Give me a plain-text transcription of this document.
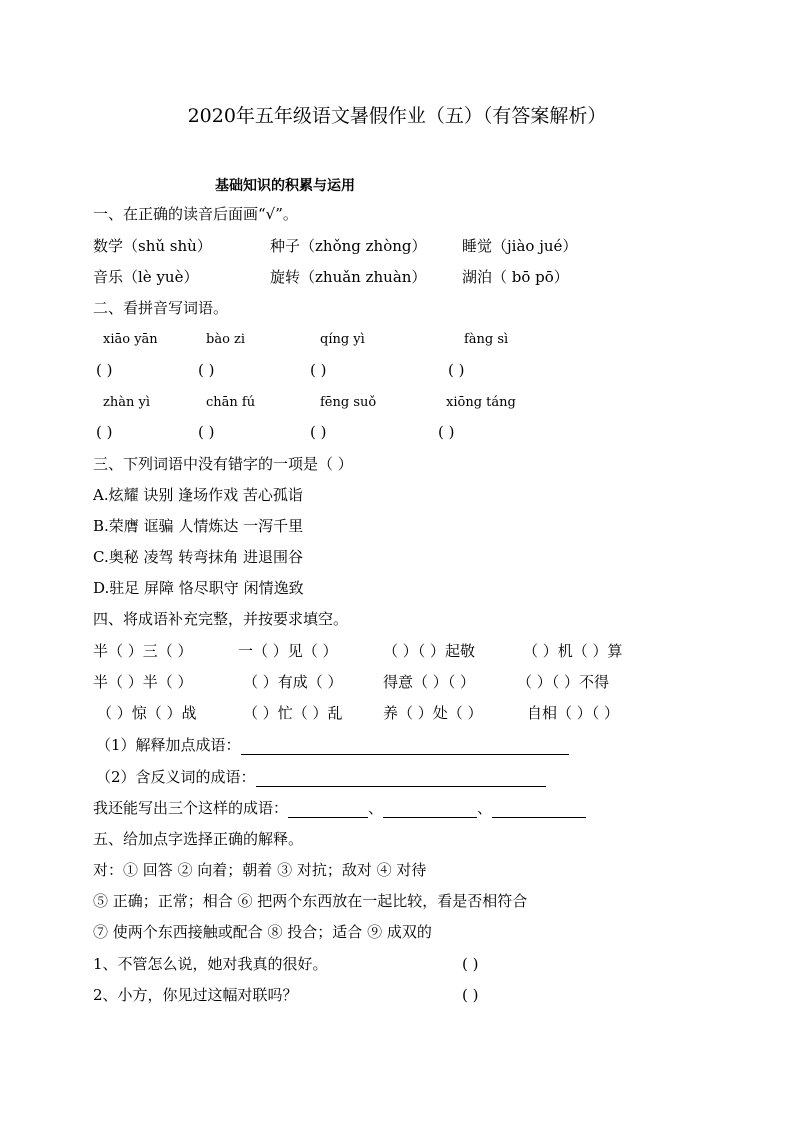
2020年五年级语文暑假作业（五）（有答案解析）
基础知识的积累与运用
一、在正确的读音后面画“√”。
数学（shǔ shù）	种子（zhǒng zhòng） 睡觉（jiào jué）
音乐（lè yuè）	旋转（zhuǎn zhuàn） 湖泊（ bō pō）
二、看拼音写词语。
xiāo yān	bào zi	qíng yì	fàng sì
( )	( )	( )	( )
zhàn yì	chān fú	fēng suǒ	xiōng táng
( )	( )	( )	( )
三、下列词语中没有错字的一项是（ ）
A.炫耀 诀别 逢场作戏 苦心孤诣
B.荣膺 诓骗 人情炼达 一泻千里
C.奥秘 凌驾 转弯抹角 进退围谷
D.驻足 屏障 恪尽职守 闲情逸致
四、将成语补充完整，并按要求填空。
半（ ）三（ ）	一（ ）见（ ）	（ ）（ ）起敬	（ ）机（ ）算
半（ ）半（ ）	（ ）有成（ ）	得意（ ）（ ）	（ ）（ ）不得
（ ）惊（ ）战	（ ）忙（ ）乱	养（ ）处（ ）	自相（ ）（ ）
（1）解释加点成语：
（2）含反义词的成语：
我还能写出三个这样的成语：	、	、
五、给加点字选择正确的解释。
对：① 回答 ② 向着；朝着 ③ 对抗；敌对 ④ 对待
⑤ 正确；正常；相合 ⑥ 把两个东西放在一起比较，看是否相符合
⑦ 使两个东西接触或配合 ⑧ 投合；适合 ⑨ 成双的
1、不管怎么说，她对我真的很好。	( )
2、小方，你见过这幅对联吗？	( )
